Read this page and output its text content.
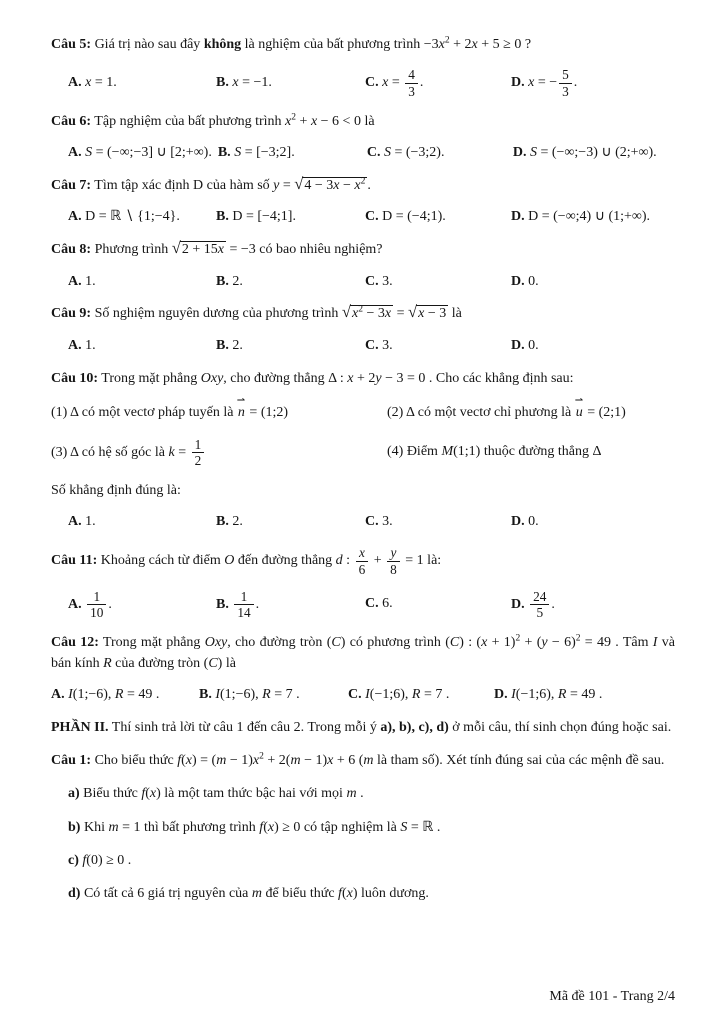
Câu 5: Giá trị nào sau đây không là nghiệm của bất phương trình $-3x^2 + 2x + 5 \ge 0$ ?
A. x = 1.	B. x = −1.	C. $x = \frac{4}{3}$ .	D. x = − $\frac{5}{3}$ .
Câu 6: Tập nghiệm của bất phương trình $x^2 + x - 6 < 0$ là
A. S = (−∞;−3] ∪ [2;+∞). B. S = [−3;2].	C. S = (−3;2).	D. S = (−∞;−3) ∪ (2;+∞).
Câu 7: Tìm tập xác định D của hàm số y = √ $4 - 3x - x^2$ .
A. D = ℝ ∖ {1;−4}.	B. D = [−4;1].	C. D = (−4;1).	D. D = (−∞;4) ∪ (1;+∞).
Câu 8: Phương trình √ 2 + 15x = −3 có bao nhiêu nghiệm?
A. 1.	B. 2.	C. 3.	D. 0.
Câu 9: Số nghiệm nguyên dương của phương trình √ $x^2 - 3x$ = √ x − 3 là
A. 1.	B. 2.	C. 3.	D. 0.
Câu 10: Trong mặt phẳng Oxy, cho đường thẳng Δ : x + 2y − 3 = 0 . Cho các khẳng định sau:
(1) Δ có một vectơ pháp tuyến là
⇀
n = (1;2)	(2) Δ có một vectơ chỉ phương là
⇀
u = (2;1)
(3) Δ có hệ số góc là $k = \frac{1}{2}$	(4) Điểm M(1;1) thuộc đường thẳng Δ
Số khẳng định đúng là:
A. 1.	B. 2.	C. 3.	D. 0.
Câu 11: Khoảng cách từ điểm O đến đường thẳng d : $\frac{x}{6} + \frac{y}{8} = 1$ là:
A. $\frac{1}{10}$ .	B. $\frac{1}{14}$ .	C. 6.	D. $\frac{24}{5}$ .
Câu 12: Trong mặt phẳng Oxy, cho đường tròn (C) có phương trình (C) : $(x + 1)^2 + (y - 6)^2 = 49$ . Tâm I và bán kính R của đường tròn (C) là
A. I(1;−6), R = 49 .	B. I(1;−6), R = 7 .	C. I(−1;6), R = 7 .	D. I(−1;6), R = 49 .
PHẦN II. Thí sinh trả lời từ câu 1 đến câu 2. Trong mỗi ý a), b), c), d) ở mỗi câu, thí sinh chọn đúng hoặc sai.
Câu 1: Cho biểu thức $f(x) = (m - 1)x^2 + 2(m - 1)x + 6$ (m là tham số). Xét tính đúng sai của các mệnh đề sau.
a) Biểu thức f(x) là một tam thức bậc hai với mọi m .
b) Khi m = 1 thì bất phương trình f(x) ≥ 0 có tập nghiệm là S = ℝ .
c) f(0) ≥ 0 .
d) Có tất cả 6 giá trị nguyên của m để biểu thức f(x) luôn dương.
Mã đề 101 - Trang 2/4
